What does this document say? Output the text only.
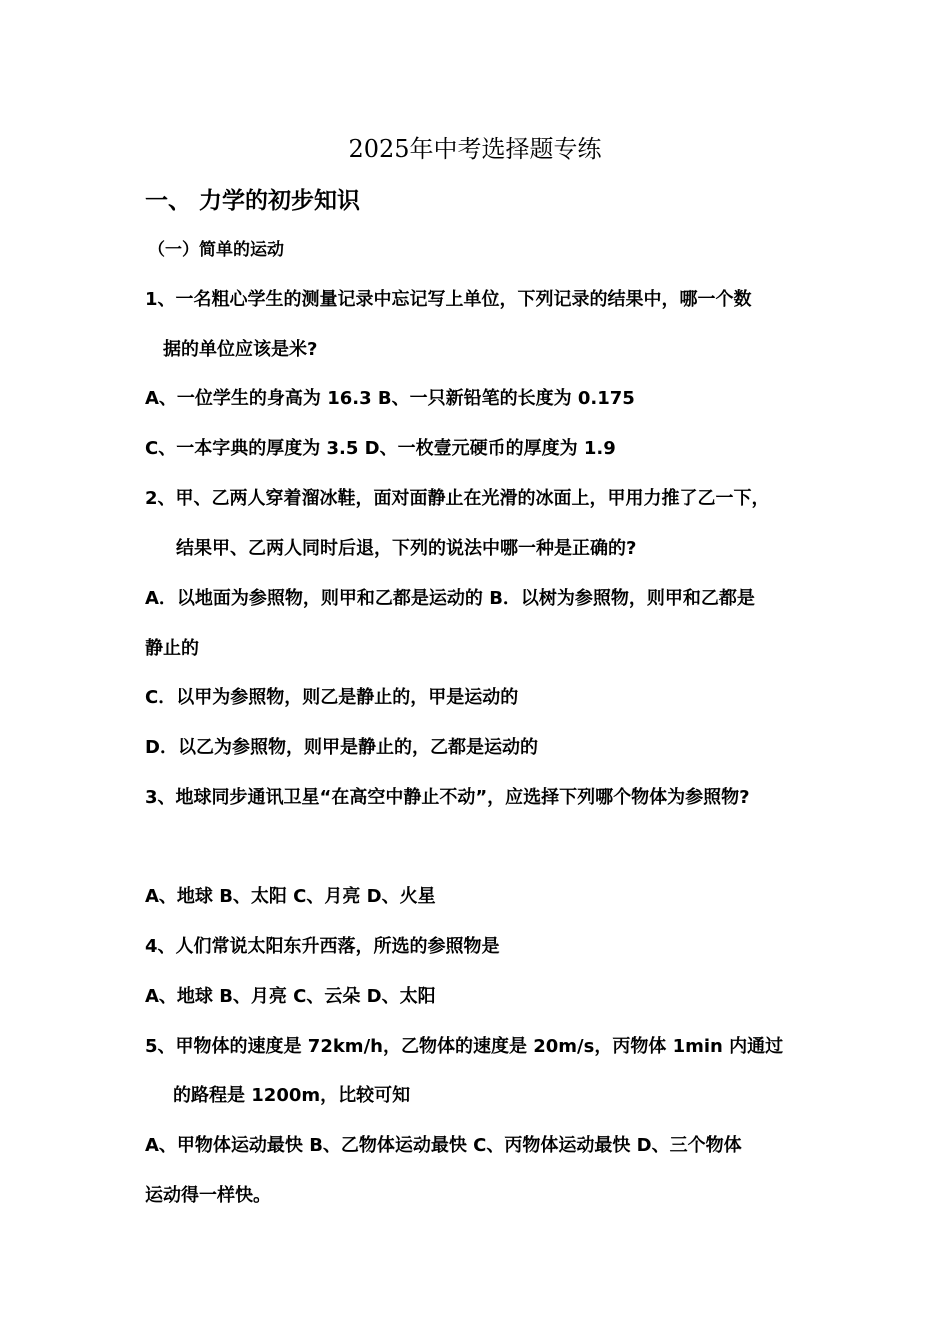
2025年中考选择题专练
一、 力学的初步知识
（一）简单的运动
1、一名粗心学生的测量记录中忘记写上单位，下列记录的结果中，哪一个数
据的单位应该是米?
A、一位学生的身高为 16.3 B、一只新铅笔的长度为 0.175
C、一本字典的厚度为 3.5 D、一枚壹元硬币的厚度为 1.9
2、甲、乙两人穿着溜冰鞋，面对面静止在光滑的冰面上，甲用力推了乙一下，
结果甲、乙两人同时后退，下列的说法中哪一种是正确的?
A．以地面为参照物，则甲和乙都是运动的 B．以树为参照物，则甲和乙都是
静止的
C．以甲为参照物，则乙是静止的，甲是运动的
D．以乙为参照物，则甲是静止的，乙都是运动的
3、地球同步通讯卫星“在高空中静止不动”，应选择下列哪个物体为参照物?
A、地球 B、太阳 C、月亮 D、火星
4、人们常说太阳东升西落，所选的参照物是
A、地球 B、月亮 C、云朵 D、太阳
5、甲物体的速度是 72km/h，乙物体的速度是 20m/s，丙物体 1min 内通过
的路程是 1200m，比较可知
A、甲物体运动最快 B、乙物体运动最快 C、丙物体运动最快 D、三个物体
运动得一样快。
